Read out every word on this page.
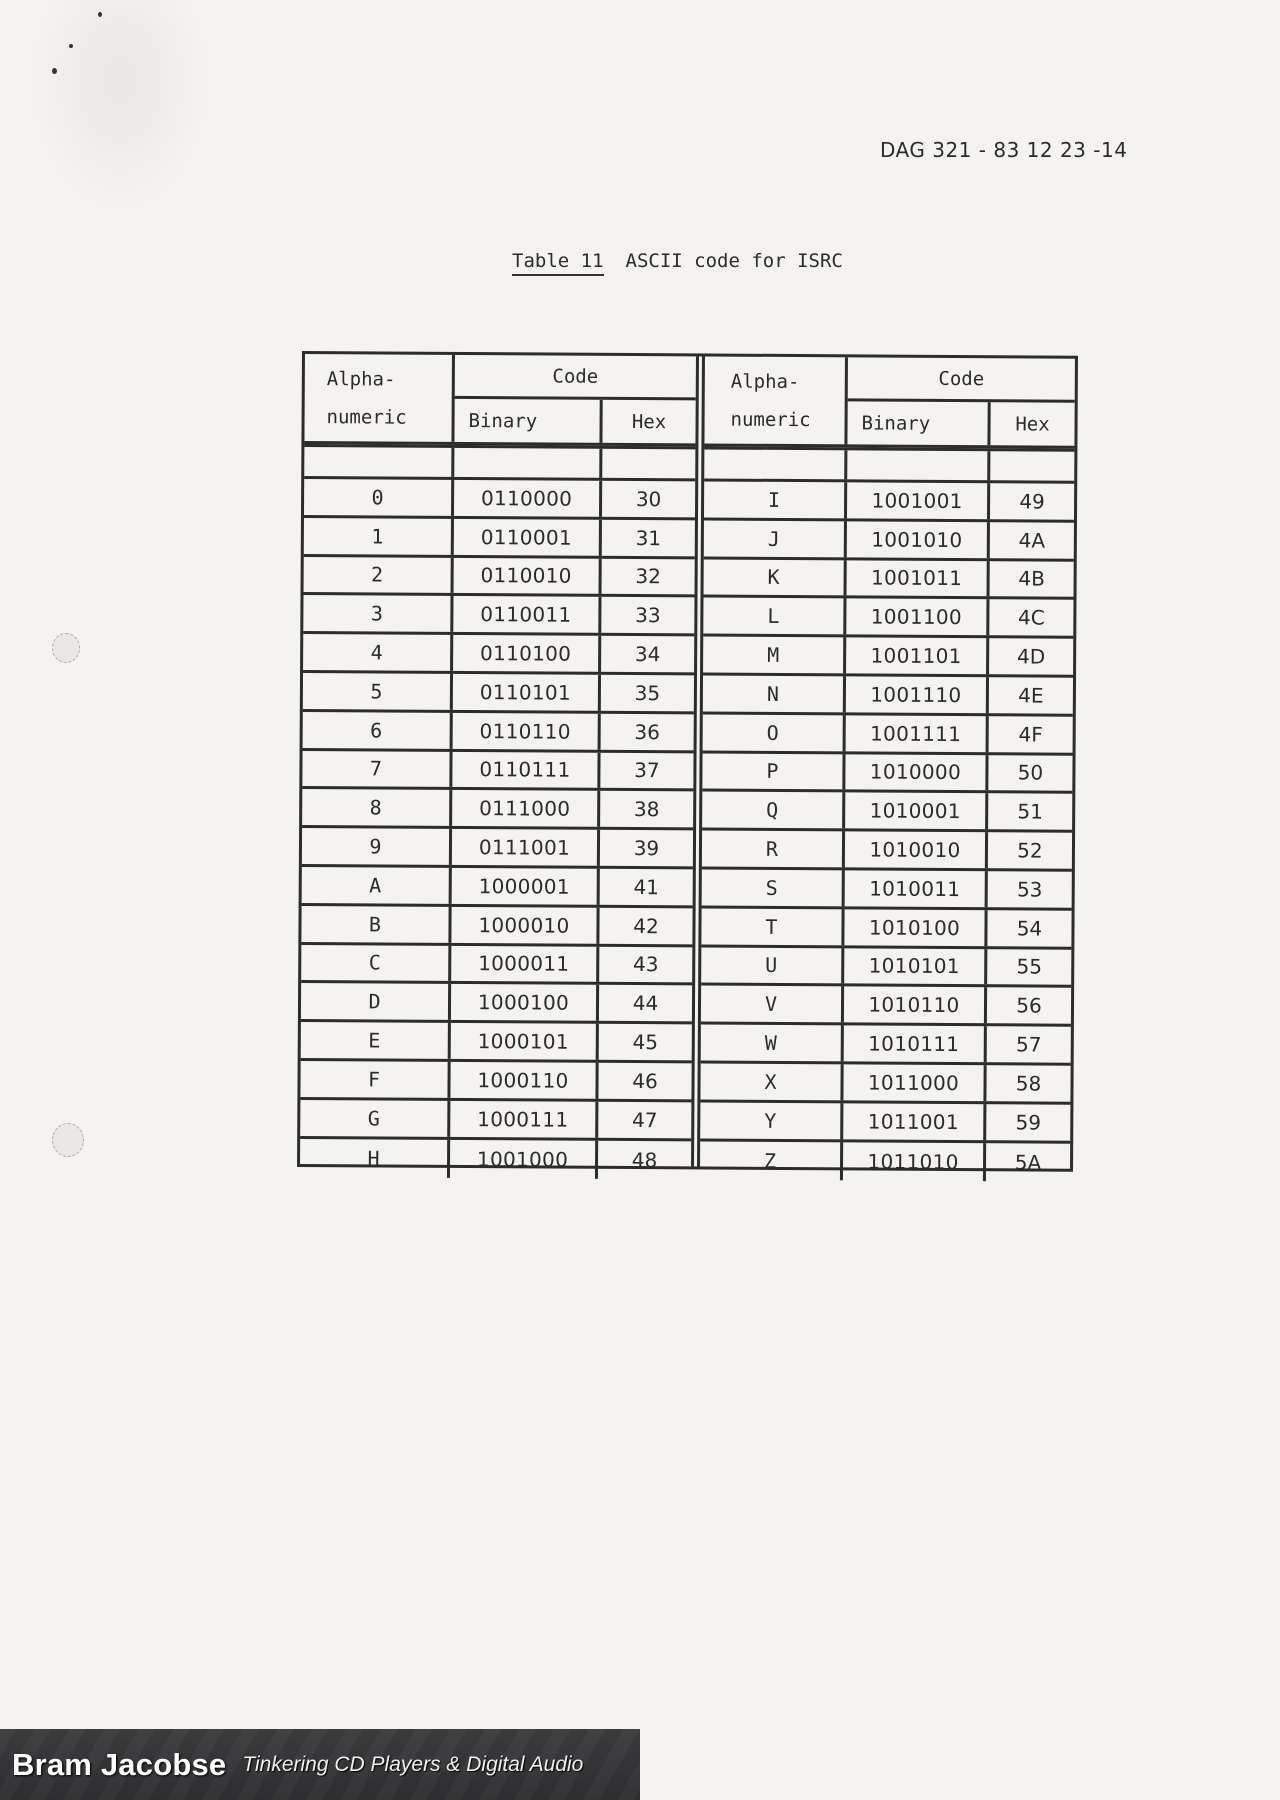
DAG 321 - 83 12 23 -14
Table 11 ASCII code for ISRC
Alpha-
numeric
Code
Binary	Hex
0	0110000	30
1	0110001	31
2	0110010	32
3	0110011	33
4	0110100	34
5	0110101	35
6	0110110	36
7	0110111	37
8	0111000	38
9	0111001	39
A	1000001	41
B	1000010	42
C	1000011	43
D	1000100	44
E	1000101	45
F	1000110	46
G	1000111	47
H	1001000	48
Alpha-
numeric
Code
Binary	Hex
I	1001001	49
J	1001010	4A
K	1001011	4B
L	1001100	4C
M	1001101	4D
N	1001110	4E
O	1001111	4F
P	1010000	50
Q	1010001	51
R	1010010	52
S	1010011	53
T	1010100	54
U	1010101	55
V	1010110	56
W	1010111	57
X	1011000	58
Y	1011001	59
Z	1011010	5A
Bram Jacobse Tinkering CD Players & Digital Audio
